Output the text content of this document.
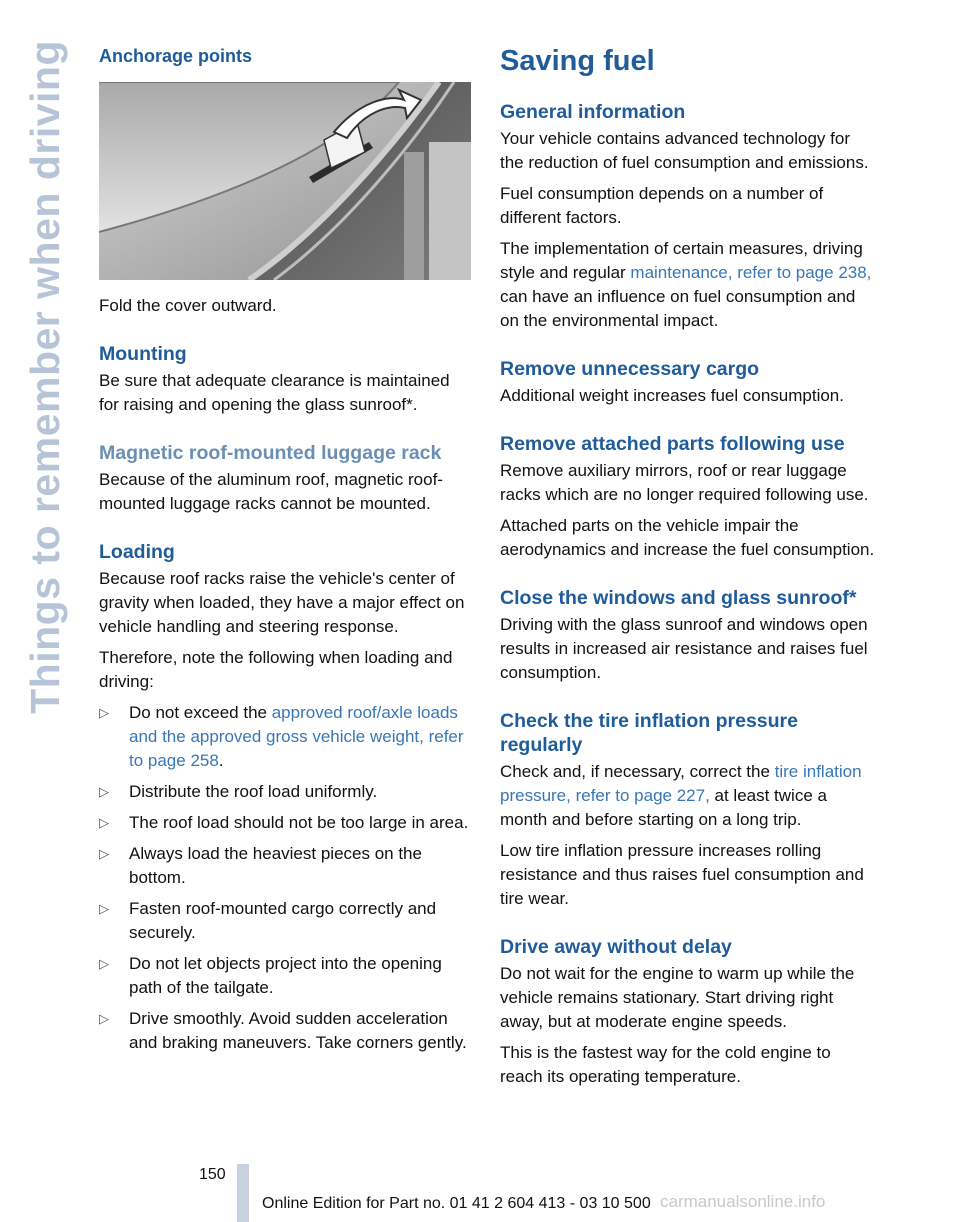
Things to remember when driving Anchorage points

Fold the cover outward.

Mounting

Be sure that adequate clearance is maintained for raising and opening the glass sunroof*.

Magnetic roof-mounted luggage rack

Because of the aluminum roof, magnetic roof-mounted luggage racks cannot be mounted.

Loading

Because roof racks raise the vehicle's center of gravity when loaded, they have a major effect on vehicle handling and steering response.

Therefore, note the following when loading and driving:

▷ Do not exceed the approved roof/axle loads and the approved gross vehicle weight, refer to page 258.
▷ Distribute the roof load uniformly.
▷ The roof load should not be too large in area.
▷ Always load the heaviest pieces on the bottom.
▷ Fasten roof-mounted cargo correctly and securely.
▷ Do not let objects project into the opening path of the tailgate.
▷ Drive smoothly. Avoid sudden acceleration and braking maneuvers. Take corners gently.
Saving fuel
General information

Your vehicle contains advanced technology for the reduction of fuel consumption and emissions.

Fuel consumption depends on a number of different factors.

The implementation of certain measures, driving style and regular maintenance, refer to page 238, can have an influence on fuel consumption and on the environmental impact.

Remove unnecessary cargo

Additional weight increases fuel consumption.

Remove attached parts following use

Remove auxiliary mirrors, roof or rear luggage racks which are no longer required following use.

Attached parts on the vehicle impair the aerodynamics and increase the fuel consumption.

Close the windows and glass sunroof*

Driving with the glass sunroof and windows open results in increased air resistance and raises fuel consumption.

Check the tire inflation pressure regularly

Check and, if necessary, correct the tire inflation pressure, refer to page 227, at least twice a month and before starting on a long trip.

Low tire inflation pressure increases rolling resistance and thus raises fuel consumption and tire wear.

Drive away without delay

Do not wait for the engine to warm up while the vehicle remains stationary. Start driving right away, but at moderate engine speeds.

This is the fastest way for the cold engine to reach its operating temperature.

150
Online Edition for Part no. 01 41 2 604 413 - 03 10 500 carmanualsonline.info
